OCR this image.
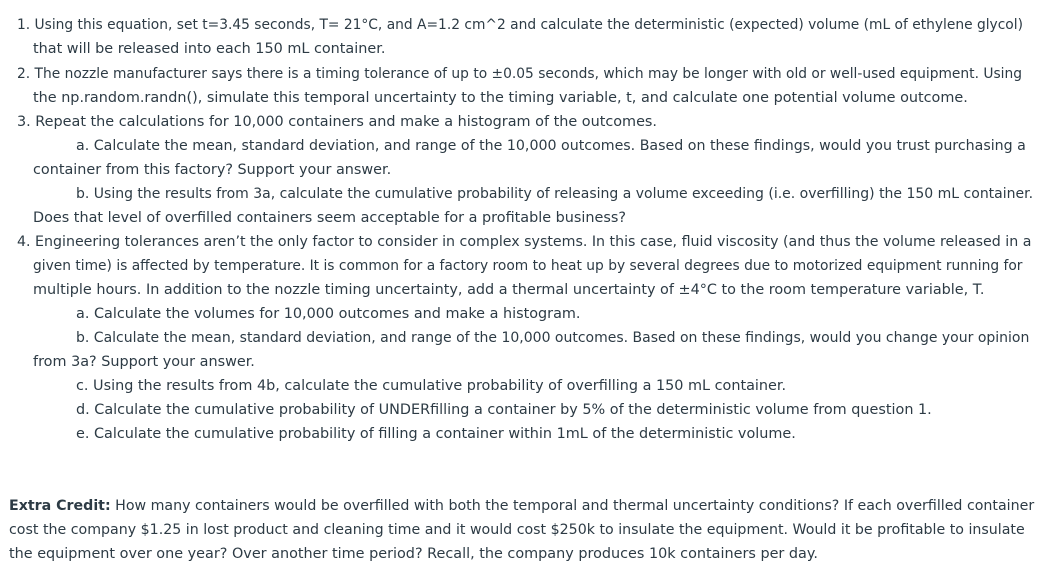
1. Using this equation, set t=3.45 seconds, T= 21°C, and A=1.2 cm^2 and calculate the deterministic (expected) volume (mL of ethylene glycol)
that will be released into each 150 mL container.
2. The nozzle manufacturer says there is a timing tolerance of up to ±0.05 seconds, which may be longer with old or well-used equipment. Using
the np.random.randn(), simulate this temporal uncertainty to the timing variable, t, and calculate one potential volume outcome.
3. Repeat the calculations for 10,000 containers and make a histogram of the outcomes.
a. Calculate the mean, standard deviation, and range of the 10,000 outcomes. Based on these findings, would you trust purchasing a
container from this factory? Support your answer.
b. Using the results from 3a, calculate the cumulative probability of releasing a volume exceeding (i.e. overfilling) the 150 mL container.
Does that level of overfilled containers seem acceptable for a profitable business?
4. Engineering tolerances aren’t the only factor to consider in complex systems. In this case, fluid viscosity (and thus the volume released in a
given time) is affected by temperature. It is common for a factory room to heat up by several degrees due to motorized equipment running for
multiple hours. In addition to the nozzle timing uncertainty, add a thermal uncertainty of ±4°C to the room temperature variable, T.
a. Calculate the volumes for 10,000 outcomes and make a histogram.
b. Calculate the mean, standard deviation, and range of the 10,000 outcomes. Based on these findings, would you change your opinion
from 3a? Support your answer.
c. Using the results from 4b, calculate the cumulative probability of overfilling a 150 mL container.
d. Calculate the cumulative probability of UNDERfilling a container by 5% of the deterministic volume from question 1.
e. Calculate the cumulative probability of filling a container within 1mL of the deterministic volume.
Extra Credit: How many containers would be overfilled with both the temporal and thermal uncertainty conditions? If each overfilled container
cost the company $1.25 in lost product and cleaning time and it would cost $250k to insulate the equipment. Would it be profitable to insulate
the equipment over one year? Over another time period? Recall, the company produces 10k containers per day.
